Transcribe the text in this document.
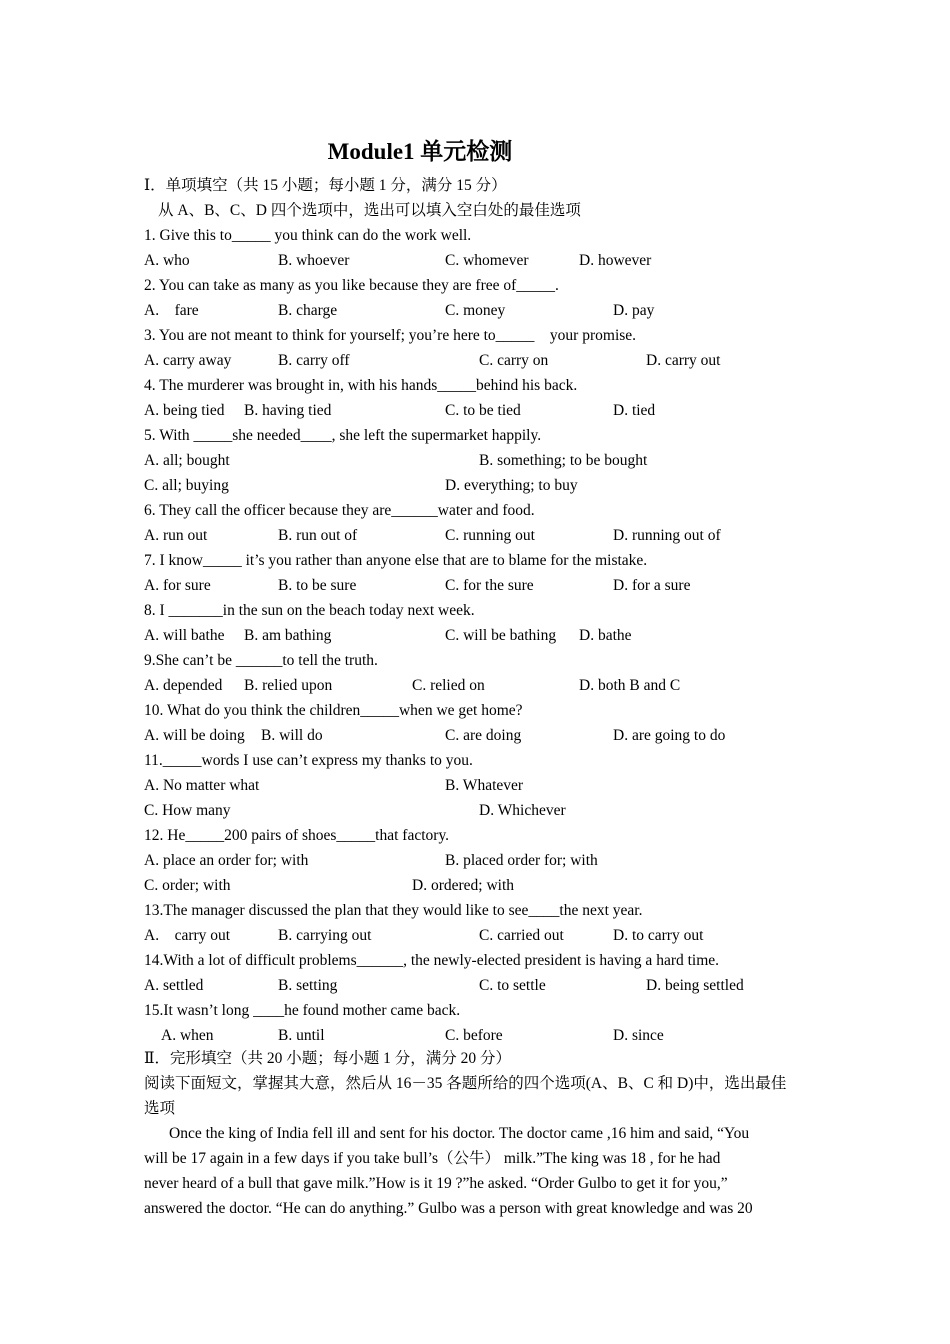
Module1 单元检测
Ⅰ．单项填空（共 15 小题；每小题 1 分，满分 15 分）
从 A、B、C、D 四个选项中，选出可以填入空白处的最佳选项
1. Give this to_____ you think can do the work well.
A. who	B. whoever	C. whomever	D. however
2. You can take as many as you like because they are free of_____.
A.    fare	B. charge	C. money	D. pay
3. You are not meant to think for yourself; you’re here to_____    your promise.
A. carry away	B. carry off	C. carry on	D. carry out
4. The murderer was brought in, with his hands_____behind his back.
A. being tied B. having tied	C. to be tied	D. tied
5. With _____she needed____, she left the supermarket happily.
A. all; bought	B. something; to be bought
C. all; buying	D. everything; to buy
6. They call the officer because they are______water and food.
A. run out	B. run out of	C. running out	D. running out of
7. I know_____ it’s you rather than anyone else that are to blame for the mistake.
A. for sure	B. to be sure	C. for the sure	D. for a sure
8. I _______in the sun on the beach today next week.
A. will bathe B. am bathing	C. will be bathing D. bathe
9.She can’t be ______to tell the truth.
A. depended B. relied upon	C. relied on	D. both B and C
10. What do you think the children_____when we get home?
A. will be doing B. will do	C. are doing	D. are going to do
11._____words I use can’t express my thanks to you.
A. No matter what	B. Whatever
C. How many	D. Whichever
12. He_____200 pairs of shoes_____that factory.
A. place an order for; with	B. placed order for; with
C. order; with	D. ordered; with
13.The manager discussed the plan that they would like to see____the next year.
A.    carry out	B. carrying out	C. carried out	D. to carry out
14.With a lot of difficult problems______, the newly-elected president is having a hard time.
A. settled	B. setting	C. to settle	D. being settled
15.It wasn’t long ____he found mother came back.
A. when	B. until	C. before	D. since
Ⅱ．完形填空（共 20 小题；每小题 1 分，满分 20 分）
阅读下面短文，掌握其大意，然后从 16－35 各题所给的四个选项(A、B、C 和 D)中，选出最佳
选项
Once the king of India fell ill and sent for his doctor. The doctor came ,16 him and said, “You
will be 17 again in a few days if you take bull’s（公牛） milk.”The king was 18 , for he had
never heard of a bull that gave milk.”How is it 19 ?”he asked. “Order Gulbo to get it for you,”
answered the doctor. “He can do anything.” Gulbo was a person with great knowledge and was 20
